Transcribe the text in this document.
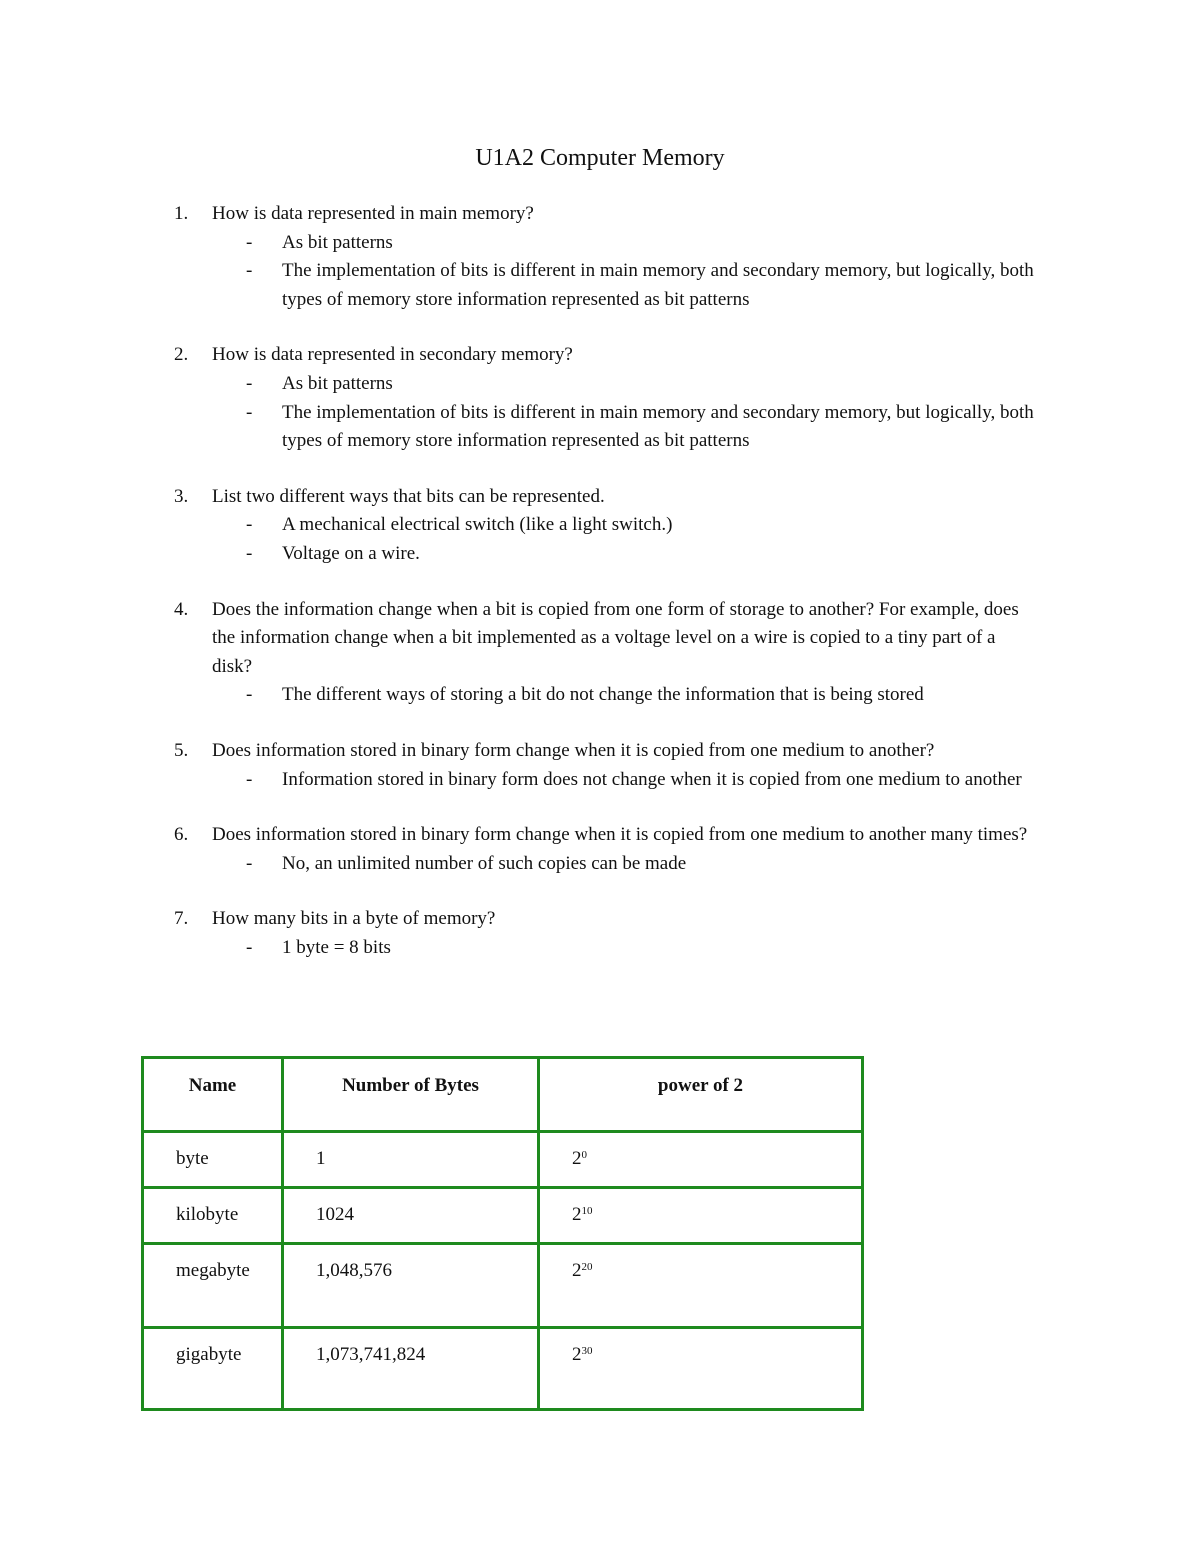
U1A2 Computer Memory
1.	How is data represented in main memory?
- As bit patterns
- The implementation of bits is different in main memory and secondary memory, but logically, both types of memory store information represented as bit patterns
2.	How is data represented in secondary memory?
- As bit patterns
- The implementation of bits is different in main memory and secondary memory, but logically, both types of memory store information represented as bit patterns
3.	List two different ways that bits can be represented.
- A mechanical electrical switch (like a light switch.)
- Voltage on a wire.
4.	Does the information change when a bit is copied from one form of storage to another? For example, does the information change when a bit implemented as a voltage level on a wire is copied to a tiny part of a disk?
- The different ways of storing a bit do not change the information that is being stored
5.	Does information stored in binary form change when it is copied from one medium to another?
- Information stored in binary form does not change when it is copied from one medium to another
6.	Does information stored in binary form change when it is copied from one medium to another many times?
- No, an unlimited number of such copies can be made
7.	How many bits in a byte of memory?
- 1 byte = 8 bits
Name	Number of Bytes	power of 2
byte	1	$2^0$
kilobyte	1024	$2^{10}$
megabyte	1,048,576	$2^{20}$
gigabyte	1,073,741,824	$2^{30}$
